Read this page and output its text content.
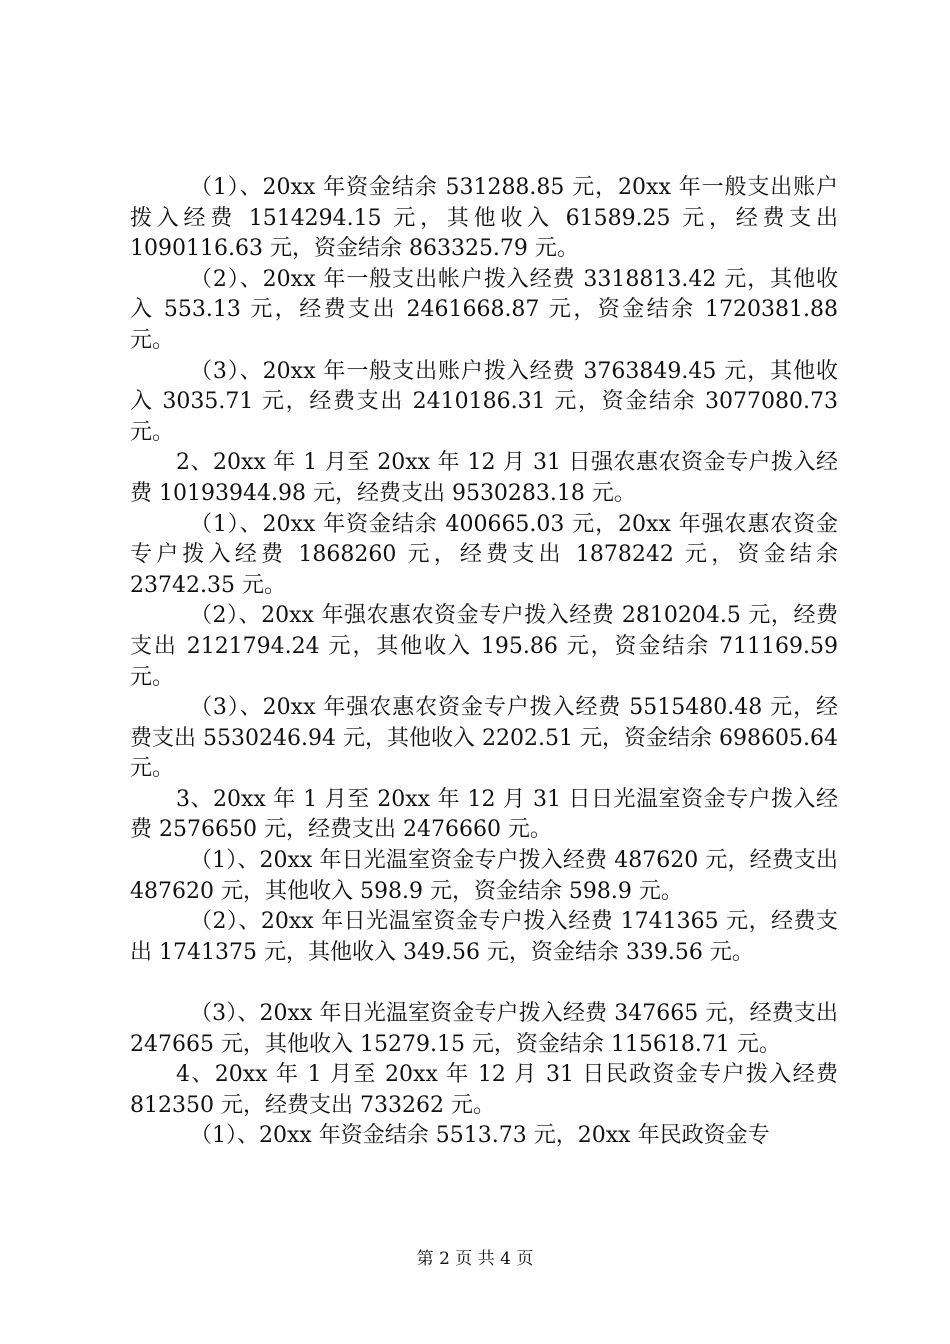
（1）、20xx 年资金结余 531288.85 元，20xx 年一般支出账户拨入经费 1514294.15 元，其他收入 61589.25 元，经费支出 1090116.63 元，资金结余 863325.79 元。

（2）、20xx 年一般支出帐户拨入经费 3318813.42 元，其他收入 553.13 元，经费支出 2461668.87 元，资金结余 1720381.88 元。

（3）、20xx 年一般支出账户拨入经费 3763849.45 元，其他收入 3035.71 元，经费支出 2410186.31 元，资金结余 3077080.73 元。

2、20xx 年 1 月至 20xx 年 12 月 31 日强农惠农资金专户拨入经费 10193944.98 元，经费支出 9530283.18 元。

（1）、20xx 年资金结余 400665.03 元，20xx 年强农惠农资金专户拨入经费 1868260 元，经费支出 1878242 元，资金结余 23742.35 元。

（2）、20xx 年强农惠农资金专户拨入经费 2810204.5 元，经费支出 2121794.24 元，其他收入 195.86 元，资金结余 711169.59 元。

（3）、20xx 年强农惠农资金专户拨入经费 5515480.48 元，经费支出 5530246.94 元，其他收入 2202.51 元，资金结余 698605.64 元。

3、20xx 年 1 月至 20xx 年 12 月 31 日日光温室资金专户拨入经费 2576650 元，经费支出 2476660 元。

（1）、20xx 年日光温室资金专户拨入经费 487620 元，经费支出 487620 元，其他收入 598.9 元，资金结余 598.9 元。

（2）、20xx 年日光温室资金专户拨入经费 1741365 元，经费支出 1741375 元，其他收入 349.56 元，资金结余 339.56 元。

（3）、20xx 年日光温室资金专户拨入经费 347665 元，经费支出 247665 元，其他收入 15279.15 元，资金结余 115618.71 元。

4、20xx 年 1 月至 20xx 年 12 月 31 日民政资金专户拨入经费 812350 元，经费支出 733262 元。

（1）、20xx 年资金结余 5513.73 元，20xx 年民政资金专

第 2 页 共 4 页
